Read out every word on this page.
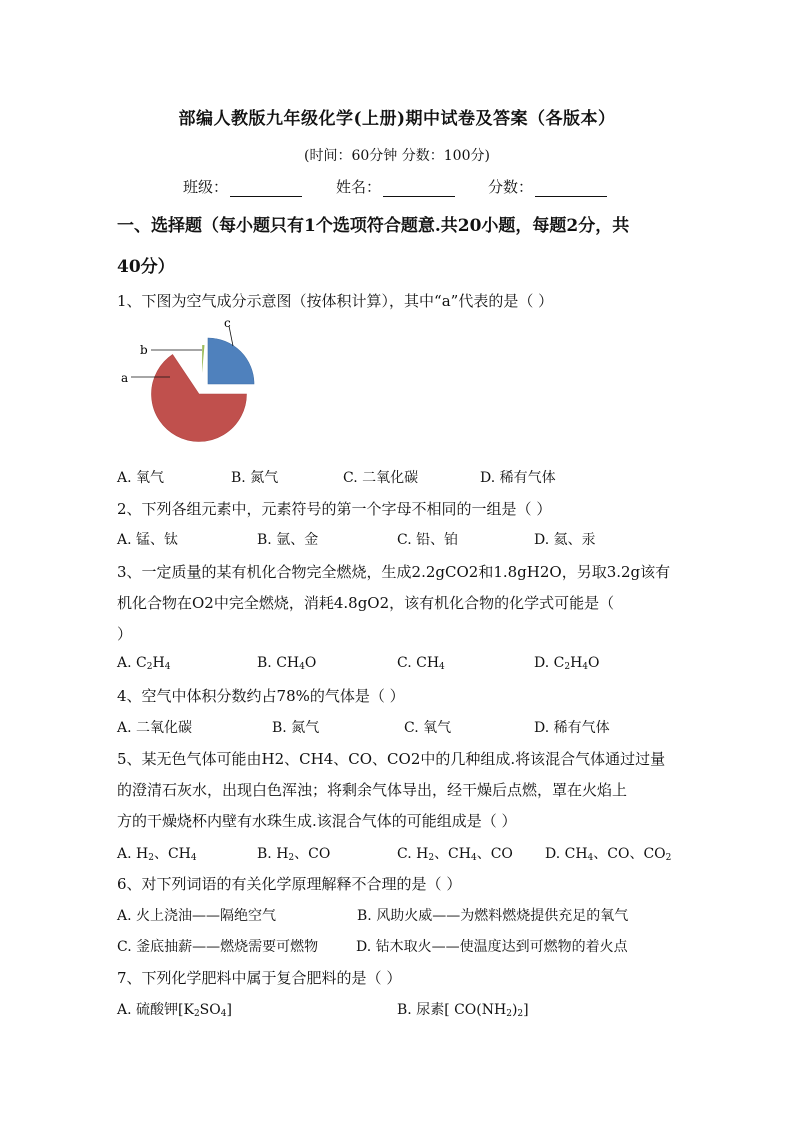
部编人教版九年级化学(上册)期中试卷及答案（各版本）
(时间：60分钟 分数：100分)
班级：	姓名：	分数：
一、选择题（每小题只有1个选项符合题意.共20小题，每题2分，共
40分）
1、下图为空气成分示意图（按体积计算），其中“a”代表的是（ ）
a
b
c
A. 氧气	B. 氮气	C. 二氧化碳	D. 稀有气体
2、下列各组元素中，元素符号的第一个字母不相同的一组是（ ）
A. 锰、钛	B. 氩、金	C. 铅、铂	D. 氦、汞
3、一定质量的某有机化合物完全燃烧，生成2.2gCO2和1.8gH2O，另取3.2g该有
机化合物在O2中完全燃烧，消耗4.8gO2，该有机化合物的化学式可能是（
）
A. $C_2H_4$	B. $CH_4O$	C. $CH_4$	D. $C_2H_4O$
4、空气中体积分数约占78%的气体是（ ）
A. 二氧化碳	B. 氮气	C. 氧气	D. 稀有气体
5、某无色气体可能由H2、CH4、CO、CO2中的几种组成.将该混合气体通过过量
的澄清石灰水，出现白色浑浊；将剩余气体导出，经干燥后点燃，罩在火焰上
方的干燥烧杯内壁有水珠生成.该混合气体的可能组成是（ ）
A. $H_2$、$CH_4$	B. $H_2$、CO	C. $H_2$、$CH_4$、CO D. $CH_4$、CO、$CO_2$
6、对下列词语的有关化学原理解释不合理的是（ ）
A. 火上浇油——隔绝空气	B. 风助火威——为燃料燃烧提供充足的氧气
C. 釜底抽薪——燃烧需要可燃物	D. 钻木取火——使温度达到可燃物的着火点
7、下列化学肥料中属于复合肥料的是（ ）
A. 硫酸钾$[K_2SO_4]$	B. 尿素[ $CO(NH_2)_2$]
